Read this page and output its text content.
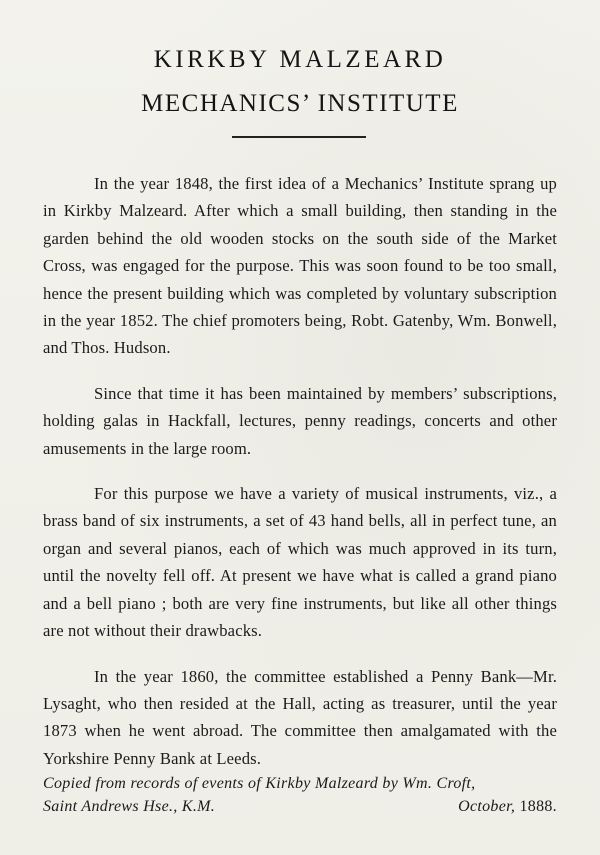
KIRKBY MALZEARD
MECHANICS’ INSTITUTE

In the year 1848, the first idea of a Mechanics’ Institute sprang up in Kirkby Malzeard. After which a small building, then standing in the garden behind the old wooden stocks on the south side of the Market Cross, was engaged for the purpose. This was soon found to be too small, hence the present building which was completed by voluntary subscription in the year 1852. The chief promoters being, Robt. Gatenby, Wm. Bonwell, and Thos. Hudson.

Since that time it has been maintained by members’ subscriptions, holding galas in Hackfall, lectures, penny readings, concerts and other amusements in the large room.

For this purpose we have a variety of musical instruments, viz., a brass band of six instruments, a set of 43 hand bells, all in perfect tune, an organ and several pianos, each of which was much approved in its turn, until the novelty fell off. At present we have what is called a grand piano and a bell piano ; both are very fine instruments, but like all other things are not without their drawbacks.

In the year 1860, the committee established a Penny Bank—Mr. Lysaght, who then resided at the Hall, acting as treasurer, until the year 1873 when he went abroad. The committee then amalgamated with the Yorkshire Penny Bank at Leeds.

Copied from records of events of Kirkby Malzeard by Wm. Croft,
Saint Andrews Hse., K.M.	October, 1888.
